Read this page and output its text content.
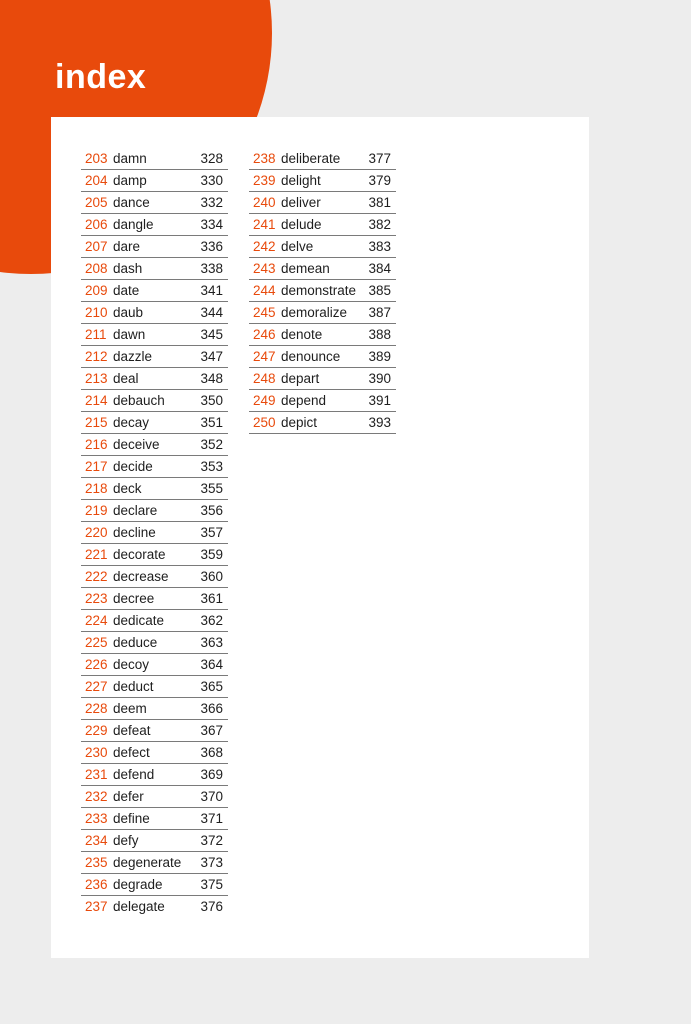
index
203 damn	328
204 damp	330
205 dance	332
206 dangle	334
207 dare	336
208 dash	338
209 date	341
210 daub	344
211 dawn	345
212 dazzle	347
213 deal	348
214 debauch	350
215 decay	351
216 deceive	352
217 decide	353
218 deck	355
219 declare	356
220 decline	357
221 decorate	359
222 decrease 360
223 decree	361
224 dedicate	362
225 deduce	363
226 decoy	364
227 deduct	365
228 deem	366
229 defeat	367
230 defect	368
231 defend	369
232 defer	370
233 define	371
234 defy	372
235 degenerate 373
236 degrade	375
237 delegate	376
238 deliberate 377
239 delight	379
240 deliver	381
241 delude	382
242 delve	383
243 demean	384
244 demonstrate 385
245 demoralize 387
246 denote	388
247 denounce 389
248 depart	390
249 depend	391
250 depict	393
